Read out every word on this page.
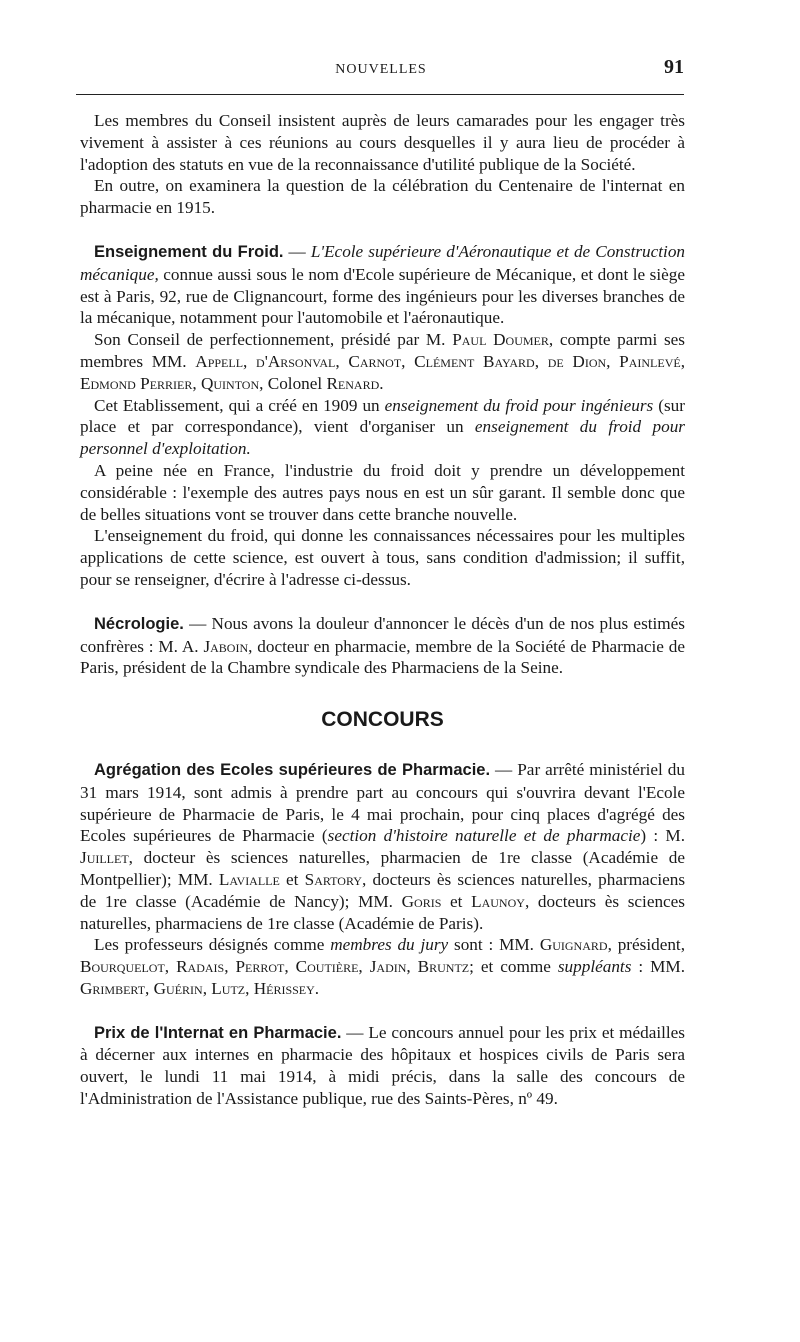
NOUVELLES	91

Les membres du Conseil insistent auprès de leurs camarades pour les engager très vivement à assister à ces réunions au cours desquelles il y aura lieu de procéder à l'adoption des statuts en vue de la reconnaissance d'utilité publique de la Société.

En outre, on examinera la question de la célébration du Centenaire de l'internat en pharmacie en 1915.

Enseignement du Froid. — L'Ecole supérieure d'Aéronautique et de Construction mécanique, connue aussi sous le nom d'Ecole supérieure de Mécanique, et dont le siège est à Paris, 92, rue de Clignancourt, forme des ingénieurs pour les diverses branches de la mécanique, notamment pour l'automobile et l'aéronautique.

Son Conseil de perfectionnement, présidé par M. Paul Doumer, compte parmi ses membres MM. Appell, d'Arsonval, Carnot, Clément Bayard, de Dion, Painlevé, Edmond Perrier, Quinton, Colonel Renard.

Cet Etablissement, qui a créé en 1909 un enseignement du froid pour ingénieurs (sur place et par correspondance), vient d'organiser un enseignement du froid pour personnel d'exploitation.

A peine née en France, l'industrie du froid doit y prendre un développement considérable : l'exemple des autres pays nous en est un sûr garant. Il semble donc que de belles situations vont se trouver dans cette branche nouvelle.

L'enseignement du froid, qui donne les connaissances nécessaires pour les multiples applications de cette science, est ouvert à tous, sans condition d'admission; il suffit, pour se renseigner, d'écrire à l'adresse ci-dessus.

Nécrologie. — Nous avons la douleur d'annoncer le décès d'un de nos plus estimés confrères : M. A. Jaboin, docteur en pharmacie, membre de la Société de Pharmacie de Paris, président de la Chambre syndicale des Pharmaciens de la Seine.

CONCOURS

Agrégation des Ecoles supérieures de Pharmacie. — Par arrêté ministériel du 31 mars 1914, sont admis à prendre part au concours qui s'ouvrira devant l'Ecole supérieure de Pharmacie de Paris, le 4 mai prochain, pour cinq places d'agrégé des Ecoles supérieures de Pharmacie (section d'histoire naturelle et de pharmacie) : M. Juillet, docteur ès sciences naturelles, pharmacien de 1re classe (Académie de Montpellier); MM. Lavialle et Sartory, docteurs ès sciences naturelles, pharmaciens de 1re classe (Académie de Nancy); MM. Goris et Launoy, docteurs ès sciences naturelles, pharmaciens de 1re classe (Académie de Paris).

Les professeurs désignés comme membres du jury sont : MM. Guignard, président, Bourquelot, Radais, Perrot, Coutière, Jadin, Bruntz; et comme suppléants : MM. Grimbert, Guérin, Lutz, Hérissey.

Prix de l'Internat en Pharmacie. — Le concours annuel pour les prix et médailles à décerner aux internes en pharmacie des hôpitaux et hospices civils de Paris sera ouvert, le lundi 11 mai 1914, à midi précis, dans la salle des concours de l'Administration de l'Assistance publique, rue des Saints-Pères, nº 49.
